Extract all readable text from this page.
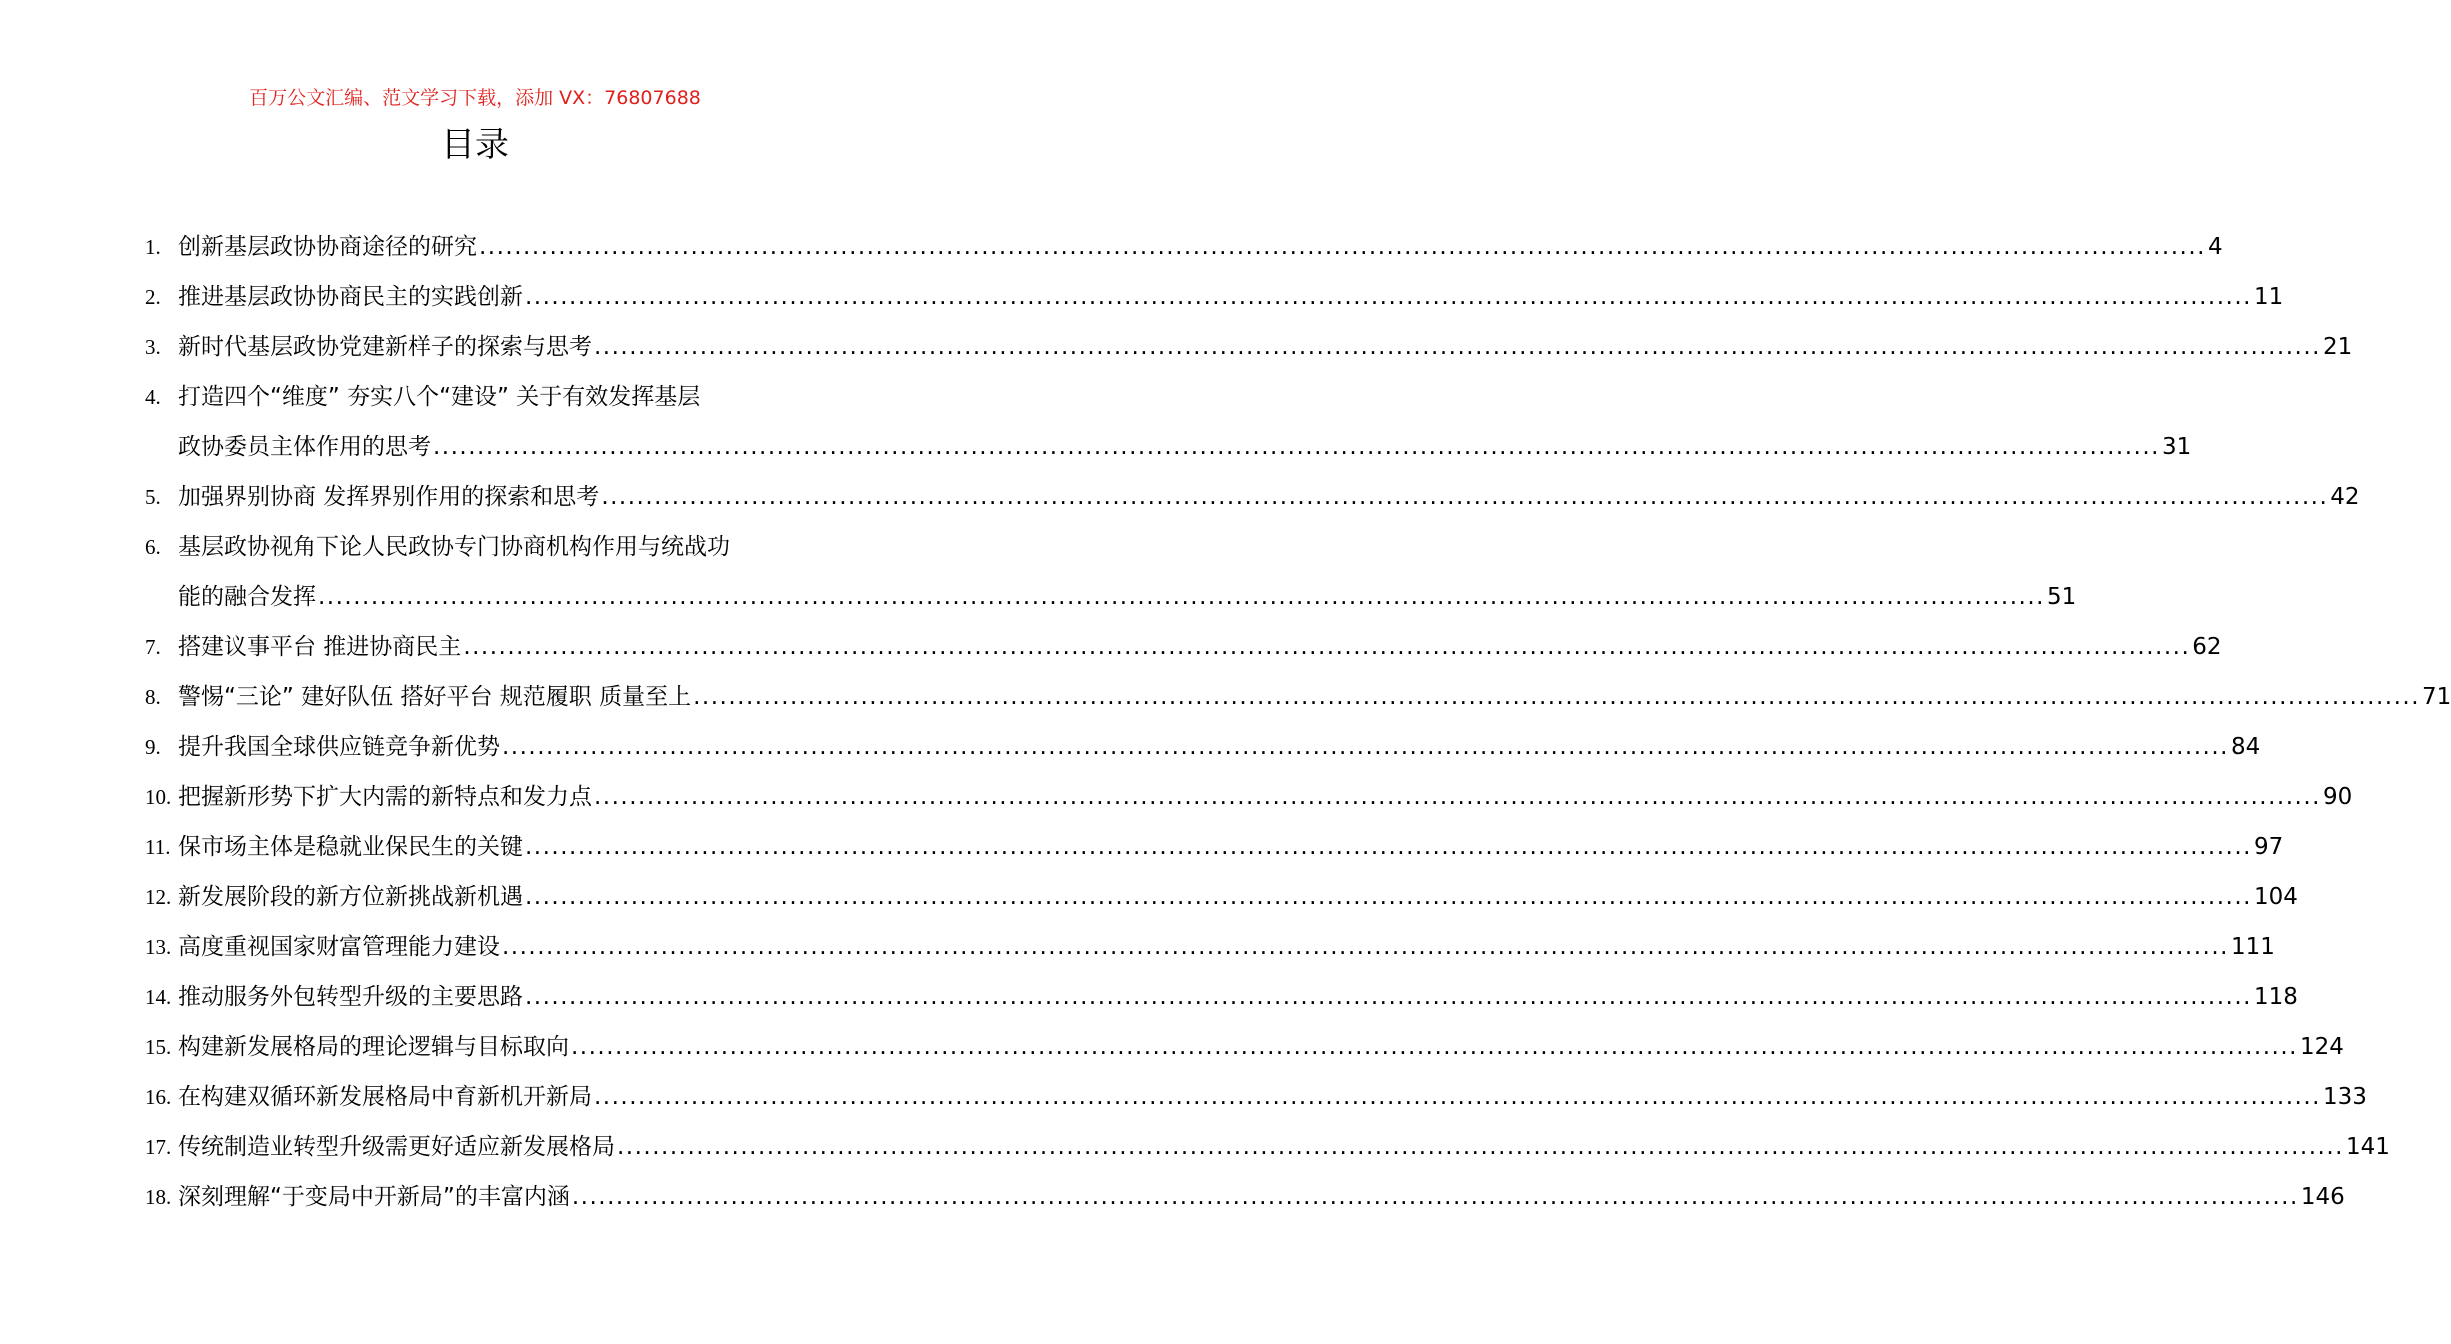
百万公文汇编、范文学习下载，添加 VX：76807688
目录
1. 创新基层政协协商途径的研究 .....	4
2. 推进基层政协协商民主的实践创新 .....	11
3. 新时代基层政协党建新样子的探索与思考 .....	21
4. 打造四个“维度” 夯实八个“建设” 关于有效发挥基层
政协委员主体作用的思考 .....	31
5. 加强界别协商 发挥界别作用的探索和思考 .....	42
6. 基层政协视角下论人民政协专门协商机构作用与统战功
能的融合发挥 .....	51
7. 搭建议事平台 推进协商民主 .....	62
8. 警惕“三论” 建好队伍 搭好平台 规范履职 质量至上 .....	71
9. 提升我国全球供应链竞争新优势 .....	84
10. 把握新形势下扩大内需的新特点和发力点 .....	90
11. 保市场主体是稳就业保民生的关键 .....	97
12. 新发展阶段的新方位新挑战新机遇 .....	104
13. 高度重视国家财富管理能力建设 .....	111
14. 推动服务外包转型升级的主要思路 .....	118
15. 构建新发展格局的理论逻辑与目标取向 .....	124
16. 在构建双循环新发展格局中育新机开新局 .....	133
17. 传统制造业转型升级需更好适应新发展格局 .....	141
18. 深刻理解“于变局中开新局”的丰富内涵 .....	146
